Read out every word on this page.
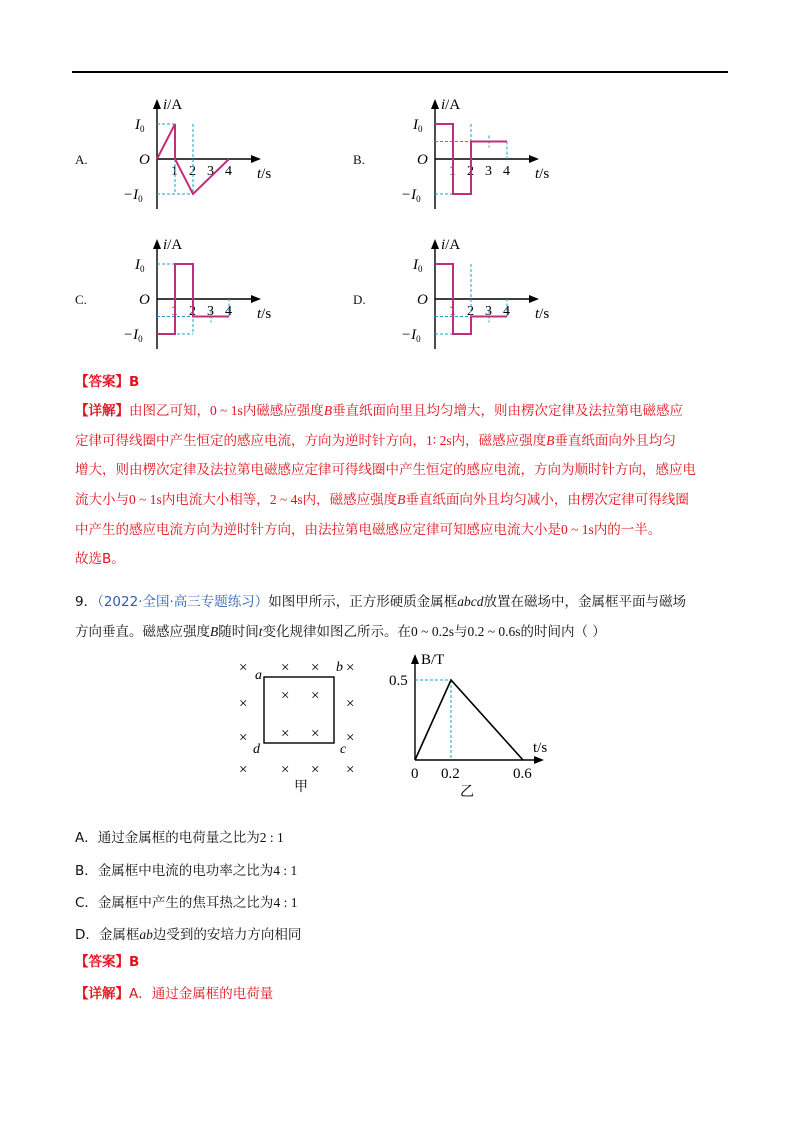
A.
i/A
t/s
O
$I_0$
$-I_0$
1 2 3 4
B.
i/A
t/s
O
$I_0$
$-I_0$
1 2 3 4
C.
i/A
t/s
O
$I_0$
$-I_0$
1 2 3 4
D.
i/A
t/s
O
$I_0$
$-I_0$
1 2 3 4
【答案】B
【详解】由图乙可知，0 ~ 1s内磁感应强度B垂直纸面向里且均匀增大，则由楞次定律及法拉第电磁感应
定律可得线圈中产生恒定的感应电流，方向为逆时针方向，1∶ 2s内，磁感应强度B垂直纸面向外且均匀
增大，则由楞次定律及法拉第电磁感应定律可得线圈中产生恒定的感应电流，方向为顺时针方向，感应电
流大小与0 ~ 1s内电流大小相等，2 ~ 4s内，磁感应强度B垂直纸面向外且均匀减小，由楞次定律可得线圈
中产生的感应电流方向为逆时针方向，由法拉第电磁感应定律可知感应电流大小是0 ~ 1s内的一半。
故选B。
9．（2022·全国·高三专题练习）如图甲所示，正方形硬质金属框abcd放置在磁场中，金属框平面与磁场
方向垂直。磁感应强度B随时间t变化规律如图乙所示。在0 ~ 0.2s与0.2 ~ 0.6s的时间内（ ）
× × × ×
× × × ×
× ×
×	×
× × × ×
a
b
c
d
甲
B/T
t/s
0.5
0 0.2	0.6
乙
A．通过金属框的电荷量之比为2 : 1
B．金属框中电流的电功率之比为4 : 1
C．金属框中产生的焦耳热之比为4 : 1
D．金属框ab边受到的安培力方向相同
【答案】B
【详解】A．通过金属框的电荷量
